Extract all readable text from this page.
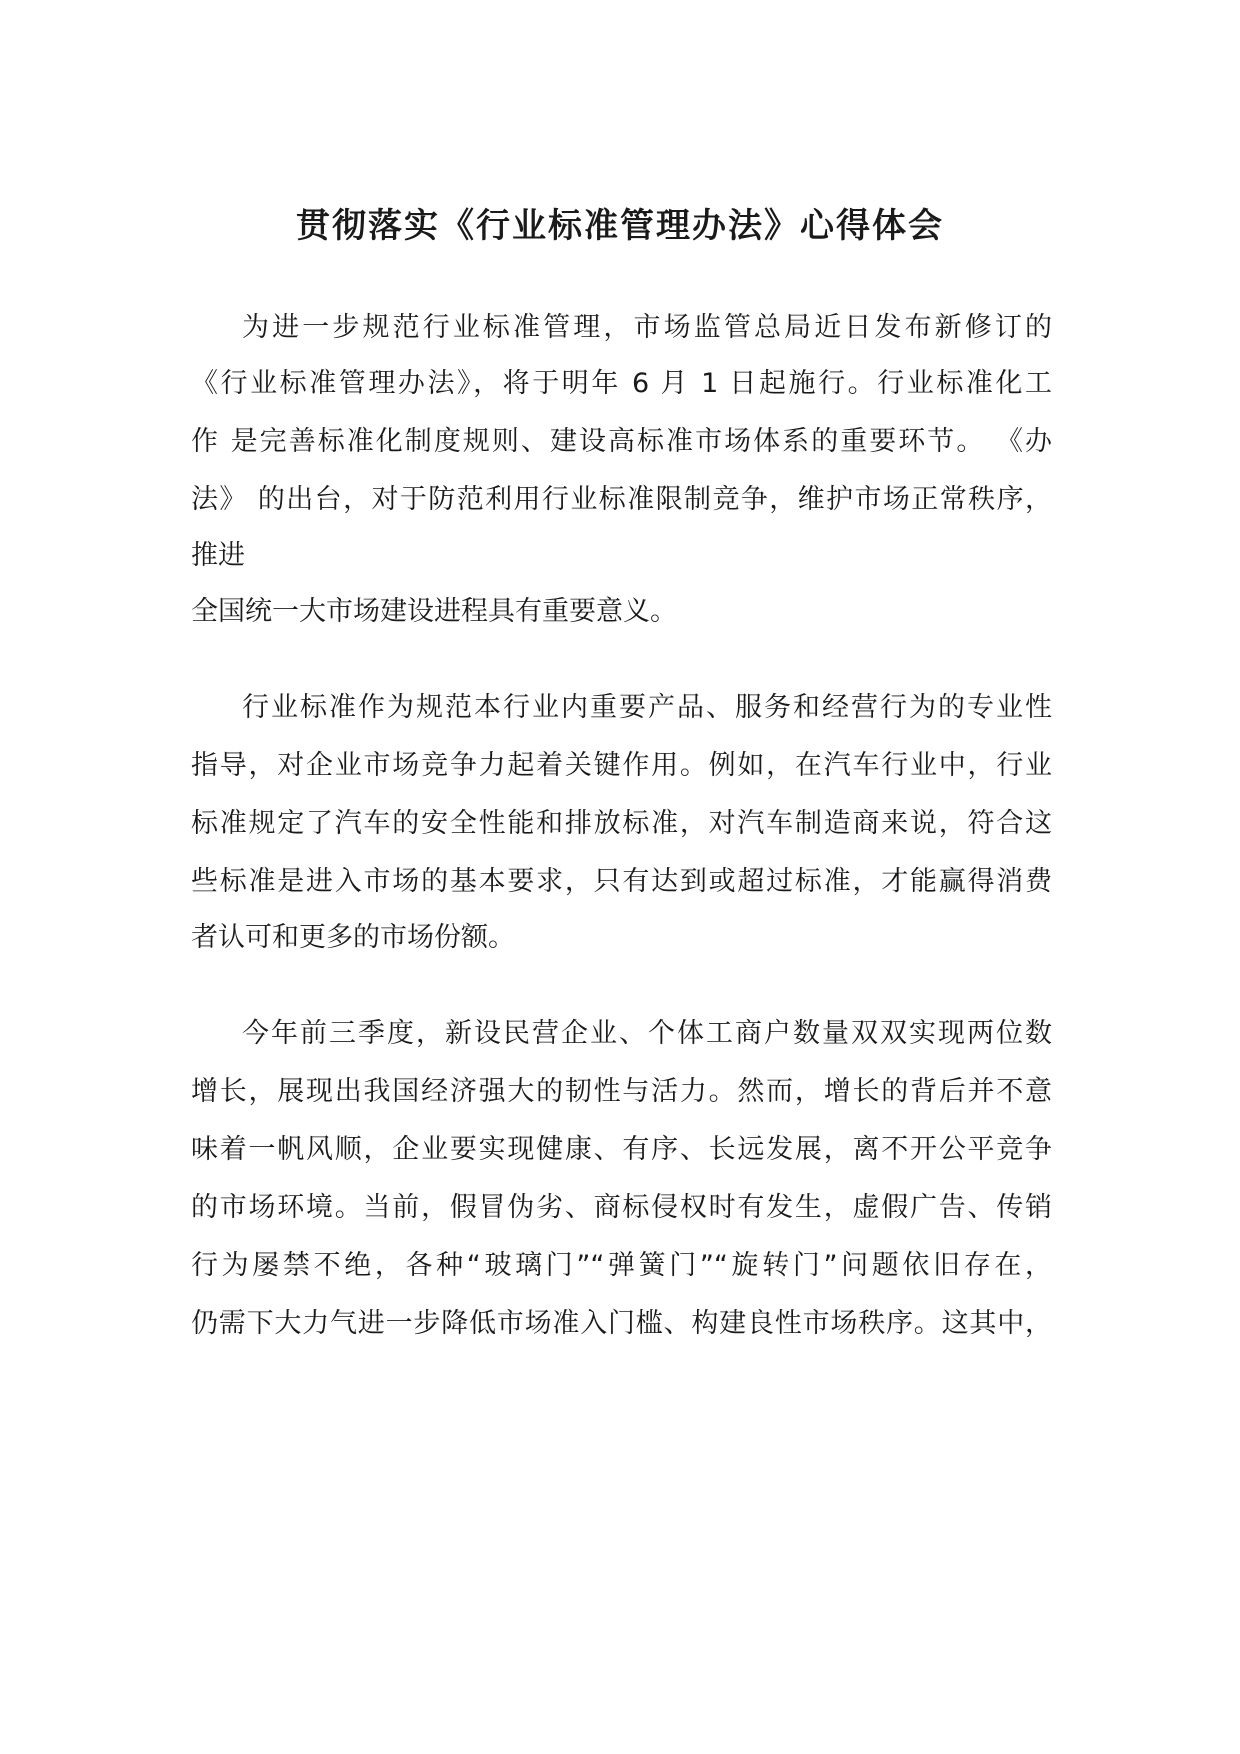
贯彻落实《行业标准管理办法》心得体会

为进一步规范行业标准管理，市场监管总局近日发布新修订的

《行业标准管理办法》，将于明年 6 月 1 日起施行。行业标准化工

作 是完善标准化制度规则、建设高标准市场体系的重要环节。 《办

法》 的出台，对于防范利用行业标准限制竞争，维护市场正常秩序，

推进

全国统一大市场建设进程具有重要意义。

行业标准作为规范本行业内重要产品、服务和经营行为的专业性

指导，对企业市场竞争力起着关键作用。例如，在汽车行业中，行业

标准规定了汽车的安全性能和排放标准，对汽车制造商来说，符合这

些标准是进入市场的基本要求，只有达到或超过标准，才能赢得消费

者认可和更多的市场份额。

今年前三季度，新设民营企业、个体工商户数量双双实现两位数

增长，展现出我国经济强大的韧性与活力。然而，增长的背后并不意

味着一帆风顺，企业要实现健康、有序、长远发展，离不开公平竞争

的市场环境。当前，假冒伪劣、商标侵权时有发生，虚假广告、传销

行为屡禁不绝，各种“玻璃门”“弹簧门”“旋转门”问题依旧存在，

仍需下大力气进一步降低市场准入门槛、构建良性市场秩序。这其中，
